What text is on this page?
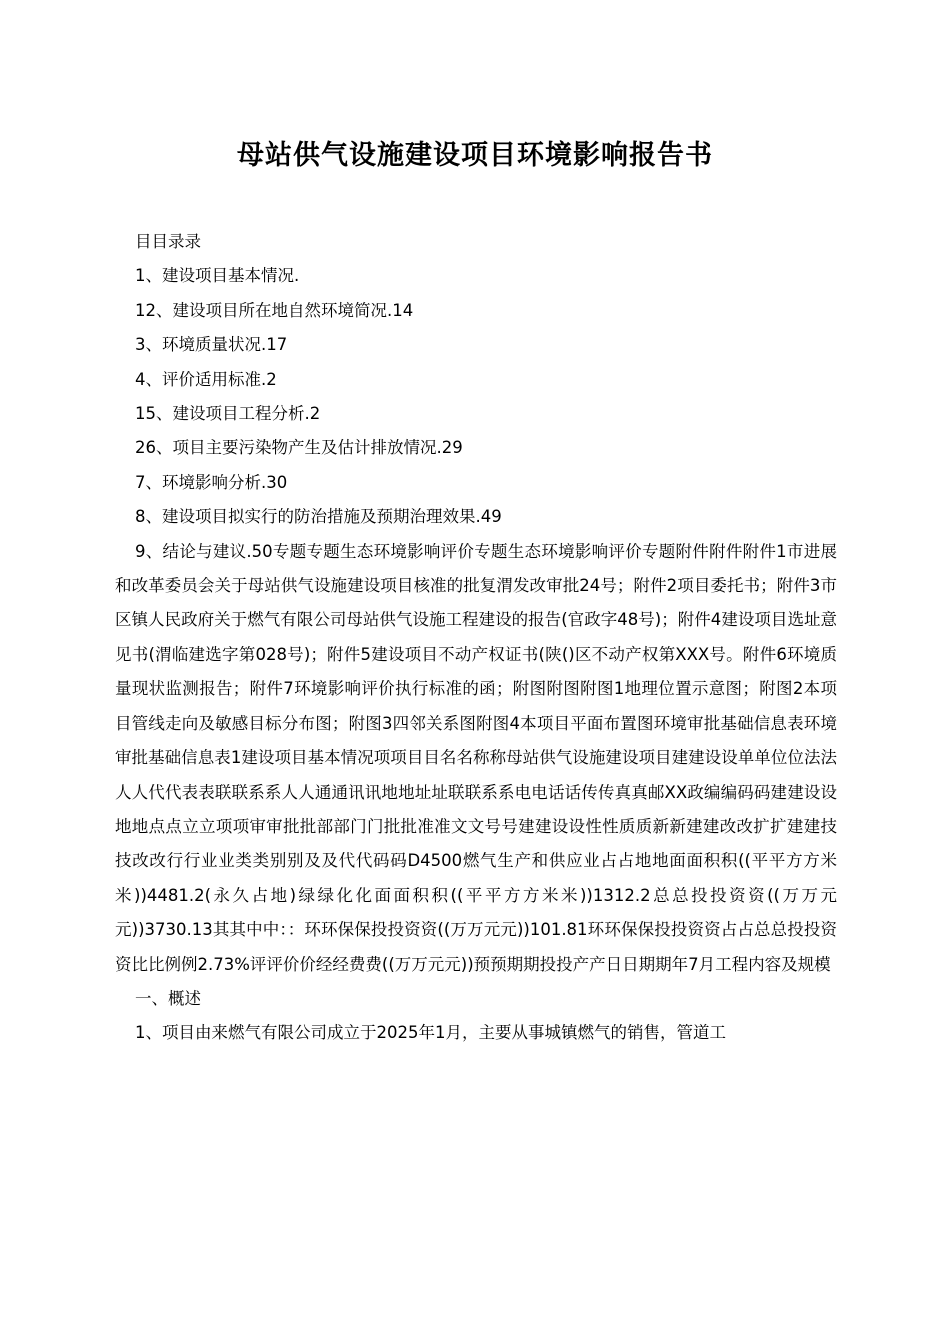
母站供气设施建设项目环境影响报告书

目目录录

1、建设项目基本情况.

12、建设项目所在地自然环境简况.14

3、环境质量状况.17

4、评价适用标准.2

15、建设项目工程分析.2

26、项目主要污染物产生及估计排放情况.29

7、环境影响分析.30

8、建设项目拟实行的防治措施及预期治理效果.49

9、结论与建议.50专题专题生态环境影响评价专题生态环境影响评价专题附件附件附件1市进展和改革委员会关于母站供气设施建设项目核准的批复渭发改审批24号；附件2项目委托书；附件3市区镇人民政府关于燃气有限公司母站供气设施工程建设的报告(官政字48号)；附件4建设项目选址意见书(渭临建选字第028号)；附件5建设项目不动产权证书(陕()区不动产权第XXX号。附件6环境质量现状监测报告；附件7环境影响评价执行标准的函；附图附图附图1地理位置示意图；附图2本项目管线走向及敏感目标分布图；附图3四邻关系图附图4本项目平面布置图环境审批基础信息表环境审批基础信息表1建设项目基本情况项项目目名名称称母站供气设施建设项目建建设设单单位位法法人人代代表表联联系系人人通通讯讯地地址址联联系系电电话话传传真真邮XX政编编码码建建设设地地点点立立项项审审批批部部门门批批准准文文号号建建设设性性质质新新建建改改扩扩建建技技改改行行业业类类别别及及代代码码D4500燃气生产和供应业占占地地面面积积((平平方方米米))4481.2(永久占地)绿绿化化面面积积((平平方方米米))1312.2总总投投资资((万万元元))3730.13其其中中：：环环保保投投资资((万万元元))101.81环环保保投投资资占占总总投投资资比比例例2.73%评评价价经经费费((万万元元))预预期期投投产产日日期期年7月工程内容及规模

一、概述

1、项目由来燃气有限公司成立于2025年1月，主要从事城镇燃气的销售，管道工
